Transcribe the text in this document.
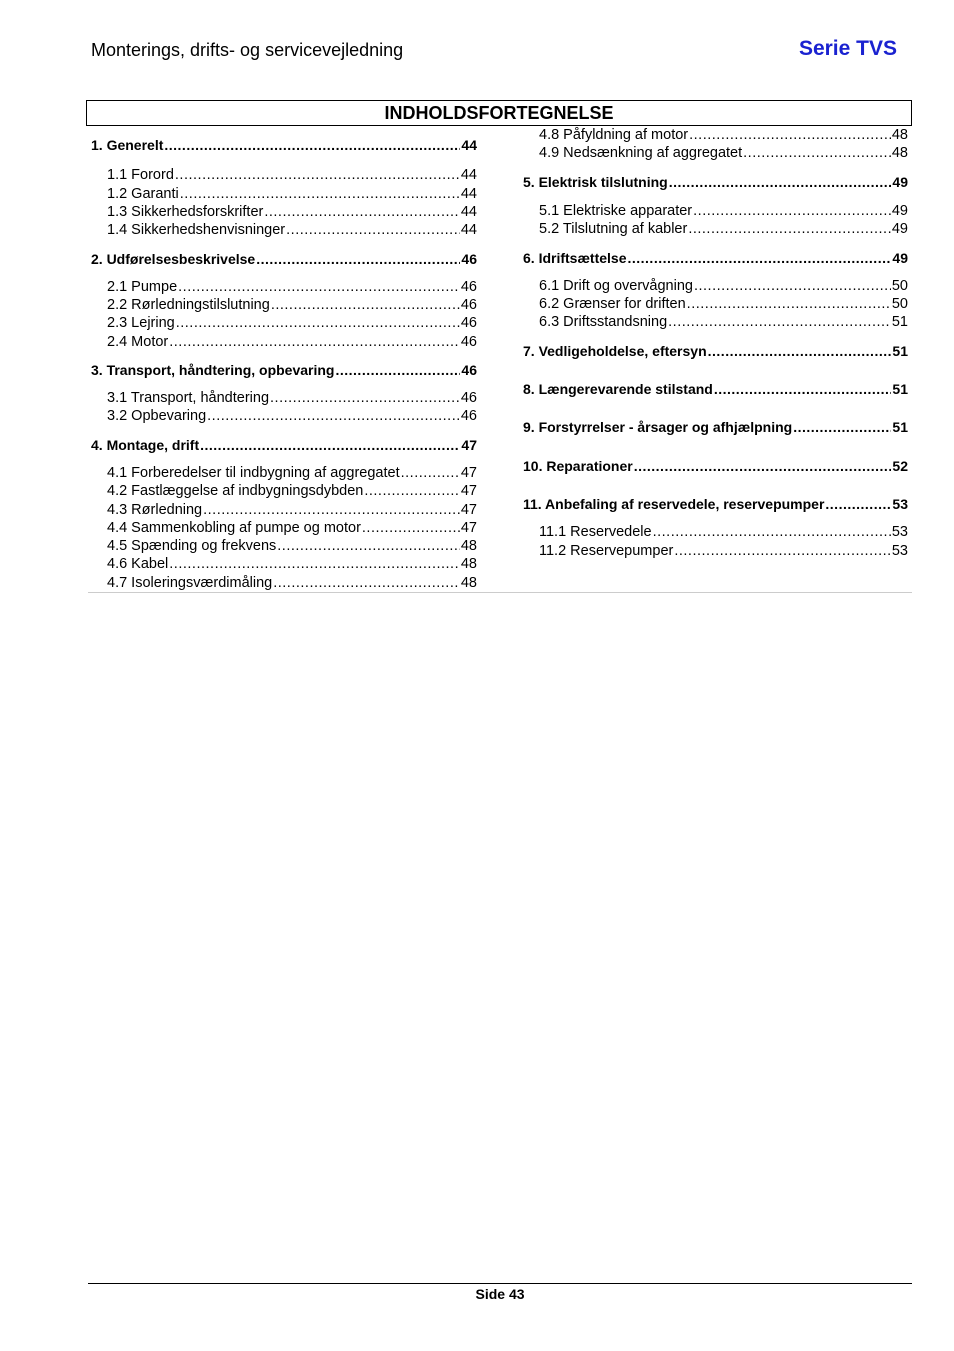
Monterings, drifts- og servicevejledning	Serie TVS
INDHOLDSFORTEGNELSE
1. Generelt .....	44
1.1 Forord .....	44
1.2 Garanti .....	44
1.3 Sikkerhedsforskrifter .....	44
1.4 Sikkerhedshenvisninger .....	44
2. Udførelsesbeskrivelse .....	46
2.1 Pumpe .....	46
2.2 Rørledningstilslutning .....	46
2.3 Lejring .....	46
2.4 Motor .....	46
3. Transport, håndtering, opbevaring .....	46
3.1 Transport, håndtering .....	46
3.2 Opbevaring .....	46
4. Montage, drift .....	47
4.1 Forberedelser til indbygning af aggregatet .....	47
4.2 Fastlæggelse af indbygningsdybden .....	47
4.3 Rørledning .....	47
4.4 Sammenkobling af pumpe og motor .....	47
4.5 Spænding og frekvens .....	48
4.6 Kabel .....	48
4.7 Isoleringsværdimåling .....	48
4.8 Påfyldning af motor .....	48
4.9 Nedsænkning af aggregatet .....	48
5. Elektrisk tilslutning .....	49
5.1 Elektriske apparater .....	49
5.2 Tilslutning af kabler .....	49
6. Idriftsættelse .....	49
6.1 Drift og overvågning .....	50
6.2 Grænser for driften .....	50
6.3 Driftsstandsning .....	51
7. Vedligeholdelse, eftersyn .....	51
8. Længerevarende stilstand .....	51
9. Forstyrrelser - årsager og afhjælpning .....	51
10. Reparationer .....	52
11. Anbefaling af reservedele, reservepumper .....	53
11.1 Reservedele .....	53
11.2 Reservepumper .....	53
Side 43
